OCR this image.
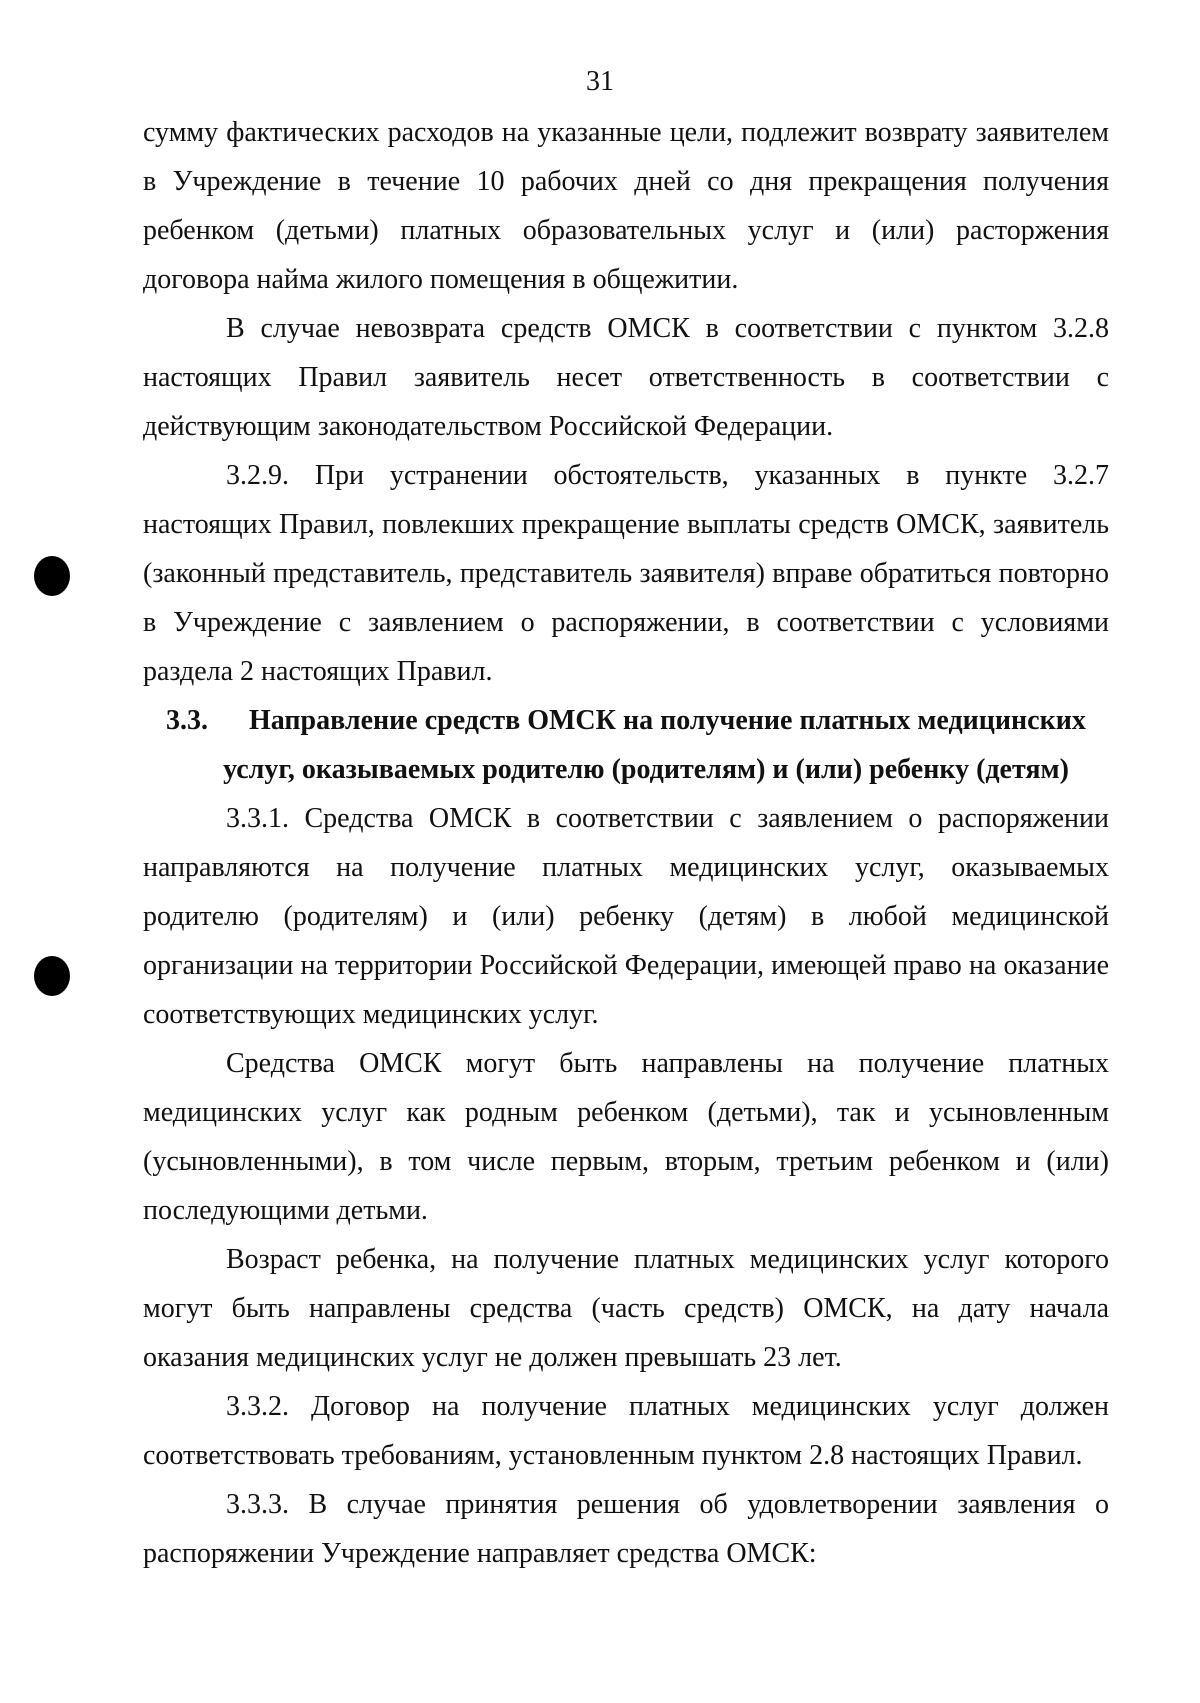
31

сумму фактических расходов на указанные цели, подлежит возврату заявителем в Учреждение в течение 10 рабочих дней со дня прекращения получения ребенком (детьми) платных образовательных услуг и (или) расторжения договора найма жилого помещения в общежитии.

В случае невозврата средств ОМСК в соответствии с пунктом 3.2.8 настоящих Правил заявитель несет ответственность в соответствии с действующим законодательством Российской Федерации.

3.2.9. При устранении обстоятельств, указанных в пункте 3.2.7 настоящих Правил, повлекших прекращение выплаты средств ОМСК, заявитель (законный представитель, представитель заявителя) вправе обратиться повторно в Учреждение с заявлением о распоряжении, в соответствии с условиями раздела 2 настоящих Правил.

3.3. Направление средств ОМСК на получение платных медицинских

услуг, оказываемых родителю (родителям) и (или) ребенку (детям)

3.3.1. Средства ОМСК в соответствии с заявлением о распоряжении направляются на получение платных медицинских услуг, оказываемых родителю (родителям) и (или) ребенку (детям) в любой медицинской организации на территории Российской Федерации, имеющей право на оказание соответствующих медицинских услуг.

Средства ОМСК могут быть направлены на получение платных медицинских услуг как родным ребенком (детьми), так и усыновленным (усыновленными), в том числе первым, вторым, третьим ребенком и (или) последующими детьми.

Возраст ребенка, на получение платных медицинских услуг которого могут быть направлены средства (часть средств) ОМСК, на дату начала оказания медицинских услуг не должен превышать 23 лет.

3.3.2. Договор на получение платных медицинских услуг должен соответствовать требованиям, установленным пунктом 2.8 настоящих Правил.

3.3.3. В случае принятия решения об удовлетворении заявления о распоряжении Учреждение направляет средства ОМСК:
